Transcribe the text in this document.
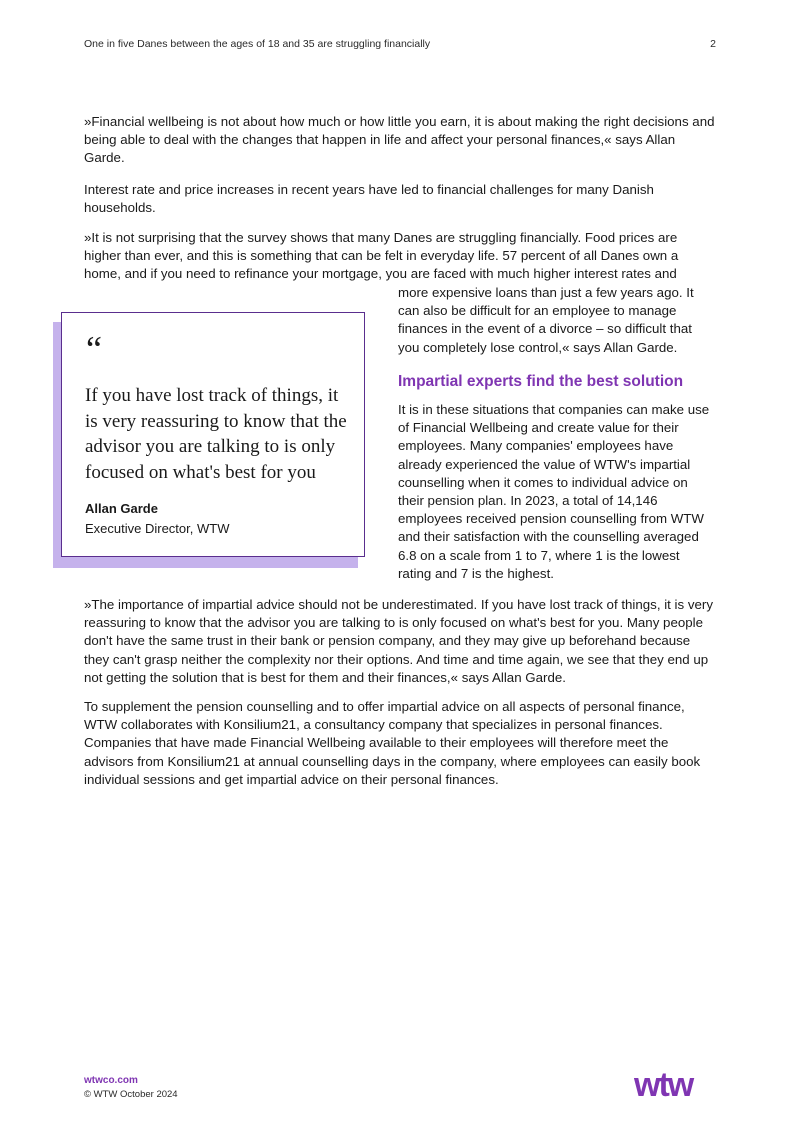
One in five Danes between the ages of 18 and 35 are struggling financially	2

»Financial wellbeing is not about how much or how little you earn, it is about making the right decisions and being able to deal with the changes that happen in life and affect your personal finances,« says Allan Garde.

Interest rate and price increases in recent years have led to financial challenges for many Danish households.

»It is not surprising that the survey shows that many Danes are struggling financially. Food prices are higher than ever, and this is something that can be felt in everyday life. 57 percent of all Danes own a home, and if you need to refinance your mortgage, you are faced with much higher interest rates and

more expensive loans than just a few years ago. It can also be difficult for an employee to manage finances in the event of a divorce – so difficult that you completely lose control,« says Allan Garde.

“
If you have lost track of things, it is very reassuring to know that the advisor you are talking to is only focused on what's best for you
Allan Garde
Executive Director, WTW
Impartial experts find the best solution

It is in these situations that companies can make use of Financial Wellbeing and create value for their employees. Many companies' employees have already experienced the value of WTW's impartial counselling when it comes to individual advice on their pension plan. In 2023, a total of 14,146 employees received pension counselling from WTW and their satisfaction with the counselling averaged 6.8 on a scale from 1 to 7, where 1 is the lowest rating and 7 is the highest.

»The importance of impartial advice should not be underestimated. If you have lost track of things, it is very reassuring to know that the advisor you are talking to is only focused on what's best for you. Many people don't have the same trust in their bank or pension company, and they may give up beforehand because they can't grasp neither the complexity nor their options. And time and time again, we see that they end up not getting the solution that is best for them and their finances,« says Allan Garde.

To supplement the pension counselling and to offer impartial advice on all aspects of personal finance, WTW collaborates with Konsilium21, a consultancy company that specializes in personal finances. Companies that have made Financial Wellbeing available to their employees will therefore meet the advisors from Konsilium21 at annual counselling days in the company, where employees can easily book individual sessions and get impartial advice on their personal finances.

wtwco.com
© WTW October 2024	wtw
